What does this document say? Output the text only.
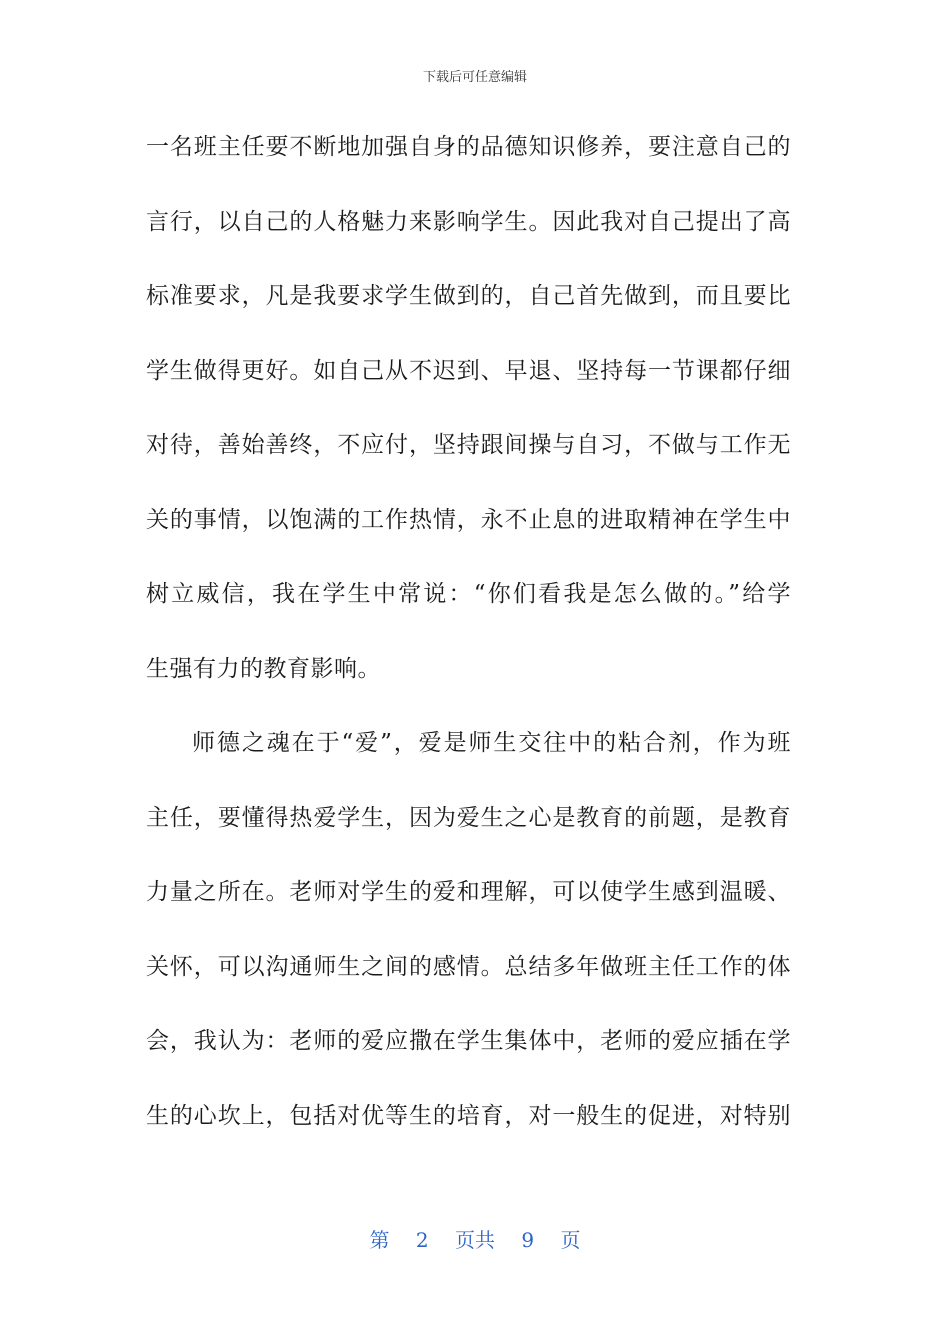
下载后可任意编辑
一名班主任要不断地加强自身的品德知识修养，要注意自己的
言行，以自己的人格魅力来影响学生。因此我对自己提出了高
标准要求，凡是我要求学生做到的，自己首先做到，而且要比
学生做得更好。如自己从不迟到、早退、坚持每一节课都仔细
对待，善始善终，不应付，坚持跟间操与自习，不做与工作无
关的事情，以饱满的工作热情，永不止息的进取精神在学生中
树立威信，我在学生中常说：“你们看我是怎么做的。”给学
生强有力的教育影响。
师德之魂在于“爱”，爱是师生交往中的粘合剂，作为班
主任，要懂得热爱学生，因为爱生之心是教育的前题，是教育
力量之所在。老师对学生的爱和理解，可以使学生感到温暖、
关怀，可以沟通师生之间的感情。总结多年做班主任工作的体
会，我认为：老师的爱应撒在学生集体中，老师的爱应插在学
生的心坎上，包括对优等生的培育，对一般生的促进，对特别
第 2 页共 9 页
